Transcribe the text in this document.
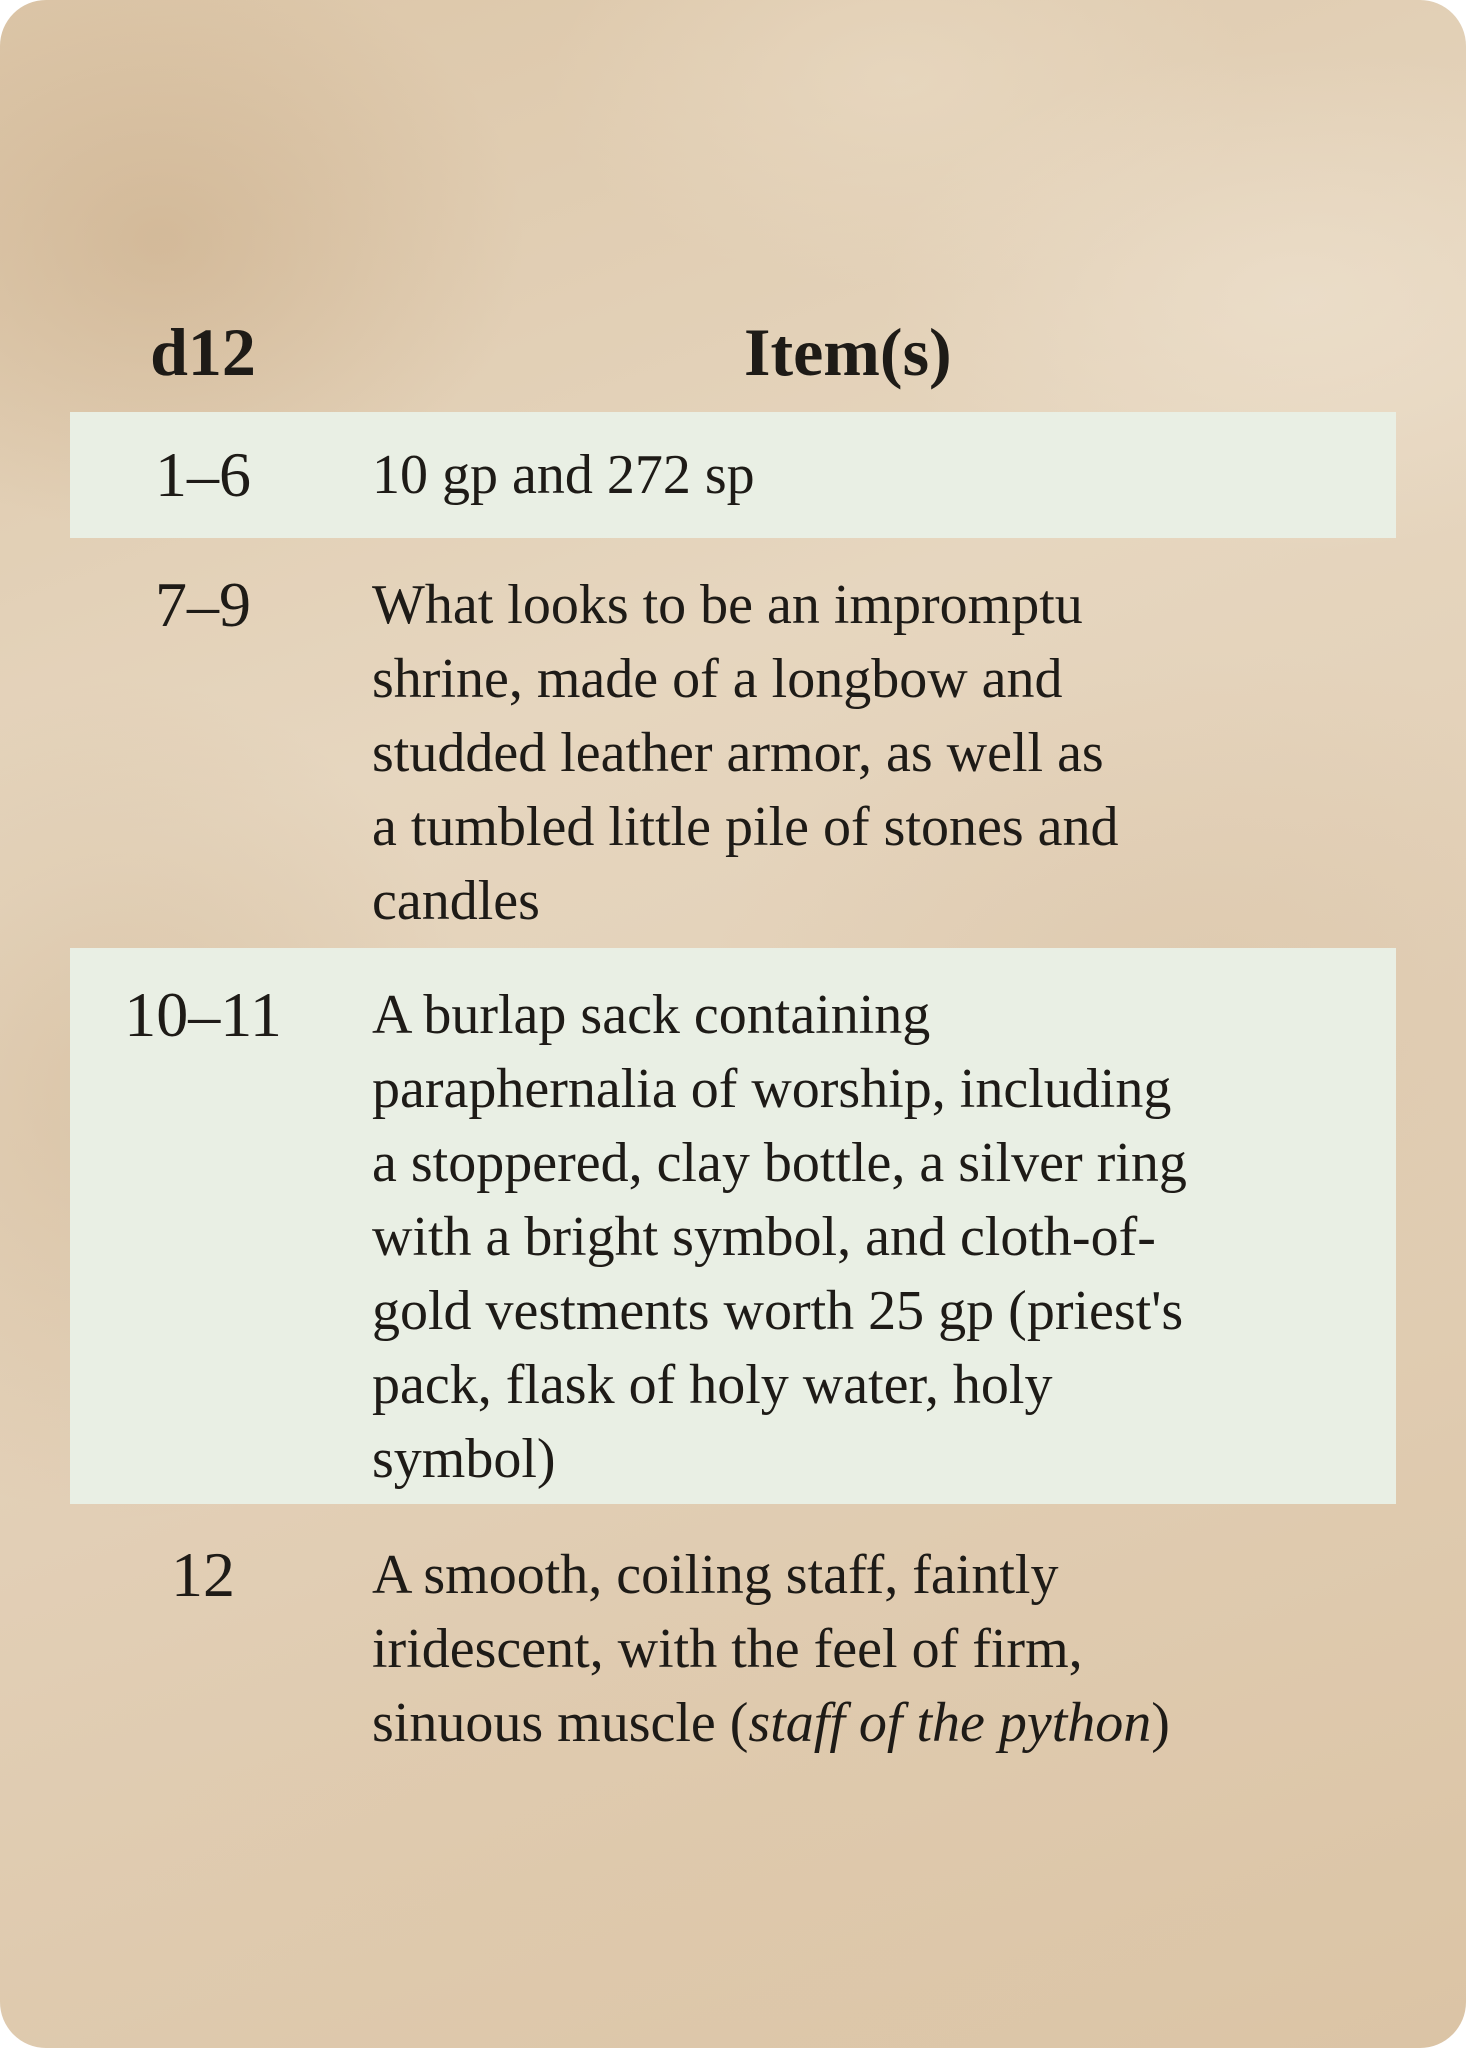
d12	Item(s)
1–6	10 gp and 272 sp
7–9	What looks to be an impromptu
shrine, made of a longbow and
studded leather armor, as well as
a tumbled little pile of stones and
candles
10–11	A burlap sack containing
paraphernalia of worship, including
a stoppered, clay bottle, a silver ring
with a bright symbol, and cloth-of-
gold vestments worth 25 gp (priest's
pack, flask of holy water, holy
symbol)
12	A smooth, coiling staff, faintly
iridescent, with the feel of firm,
sinuous muscle (staff of the python)
